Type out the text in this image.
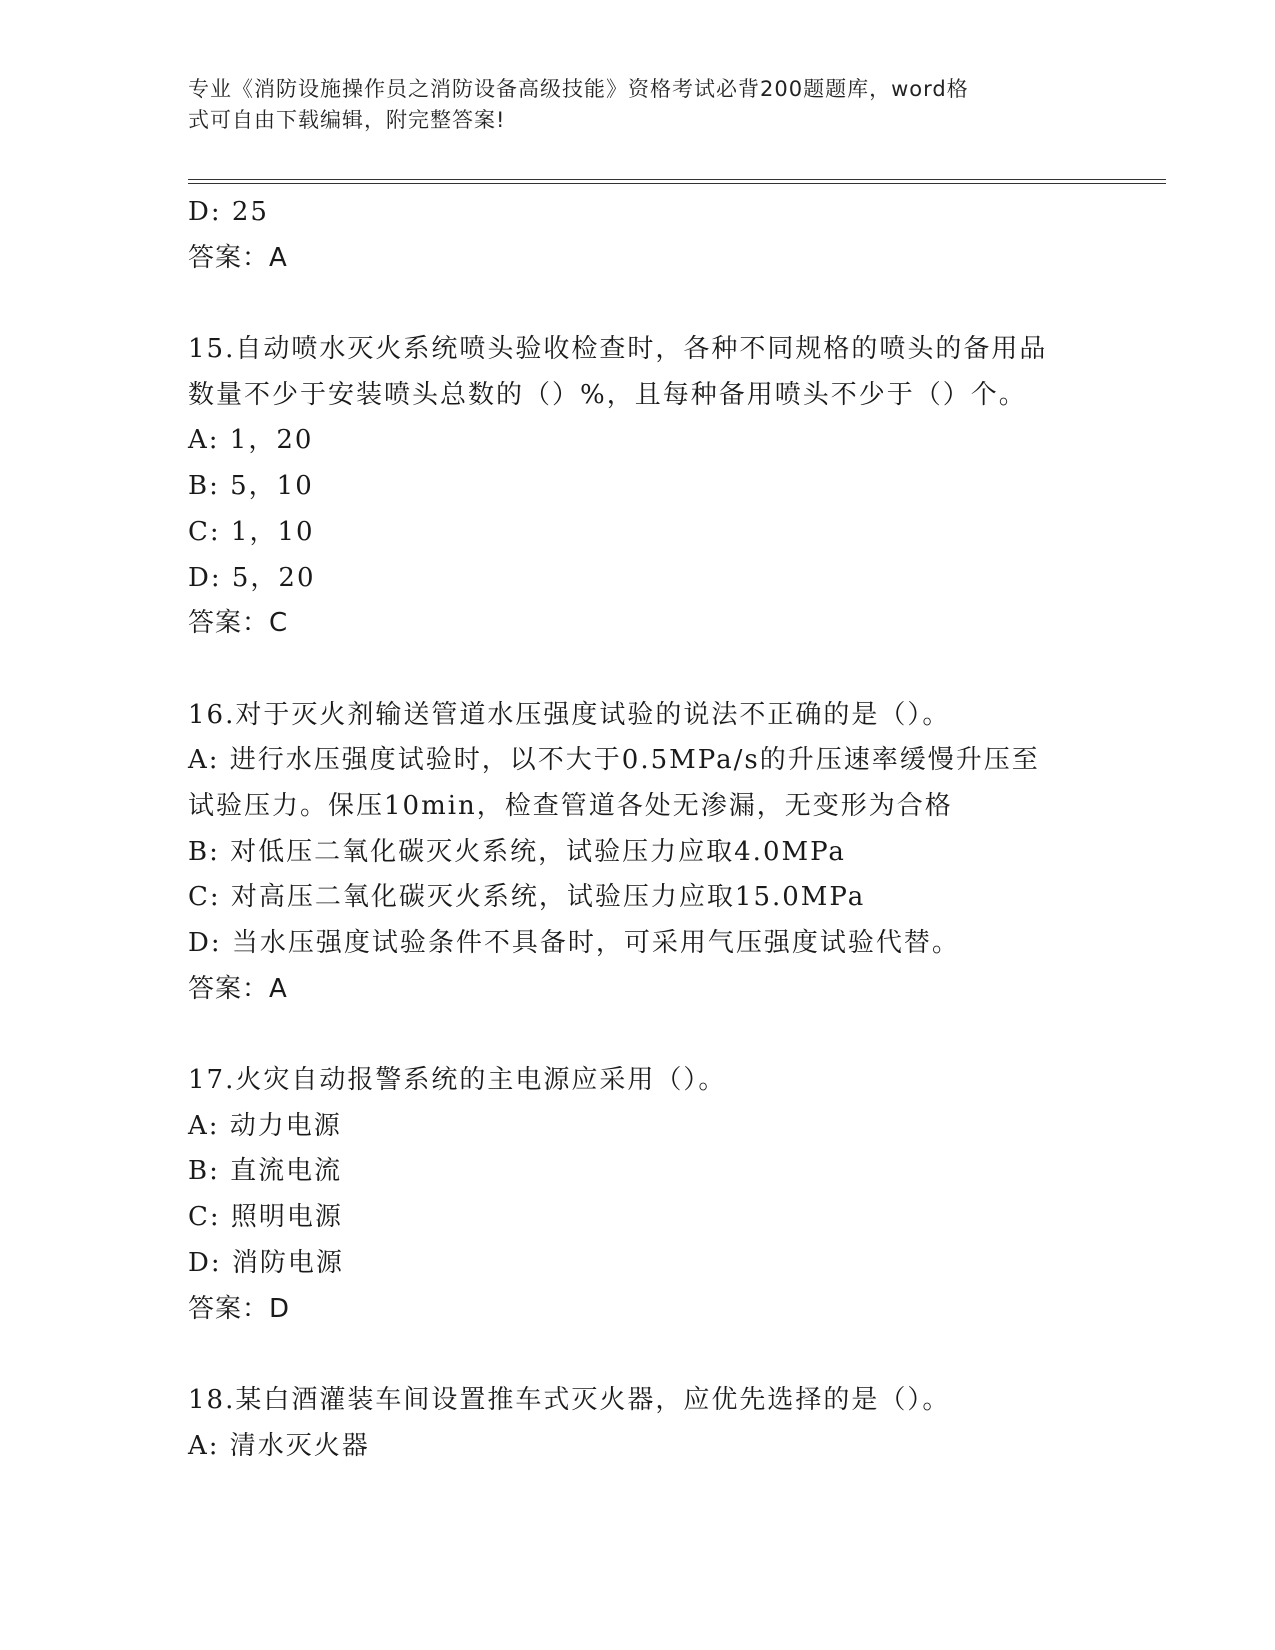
专业《消防设施操作员之消防设备高级技能》资格考试必背200题题库，word格
式可自由下载编辑，附完整答案!
D: 25
答案：A
15.自动喷水灭火系统喷头验收检查时，各种不同规格的喷头的备用品
数量不少于安装喷头总数的（）%，且每种备用喷头不少于（）个。
A: 1，20
B: 5，10
C: 1，10
D: 5，20
答案：C
16.对于灭火剂输送管道水压强度试验的说法不正确的是（）。
A: 进行水压强度试验时，以不大于0.5MPa/s的升压速率缓慢升压至
试验压力。保压10min，检查管道各处无渗漏，无变形为合格
B: 对低压二氧化碳灭火系统，试验压力应取4.0MPa
C: 对高压二氧化碳灭火系统，试验压力应取15.0MPa
D: 当水压强度试验条件不具备时，可采用气压强度试验代替。
答案：A
17.火灾自动报警系统的主电源应采用（）。
A: 动力电源
B: 直流电流
C: 照明电源
D: 消防电源
答案：D
18.某白酒灌装车间设置推车式灭火器，应优先选择的是（）。
A: 清水灭火器
